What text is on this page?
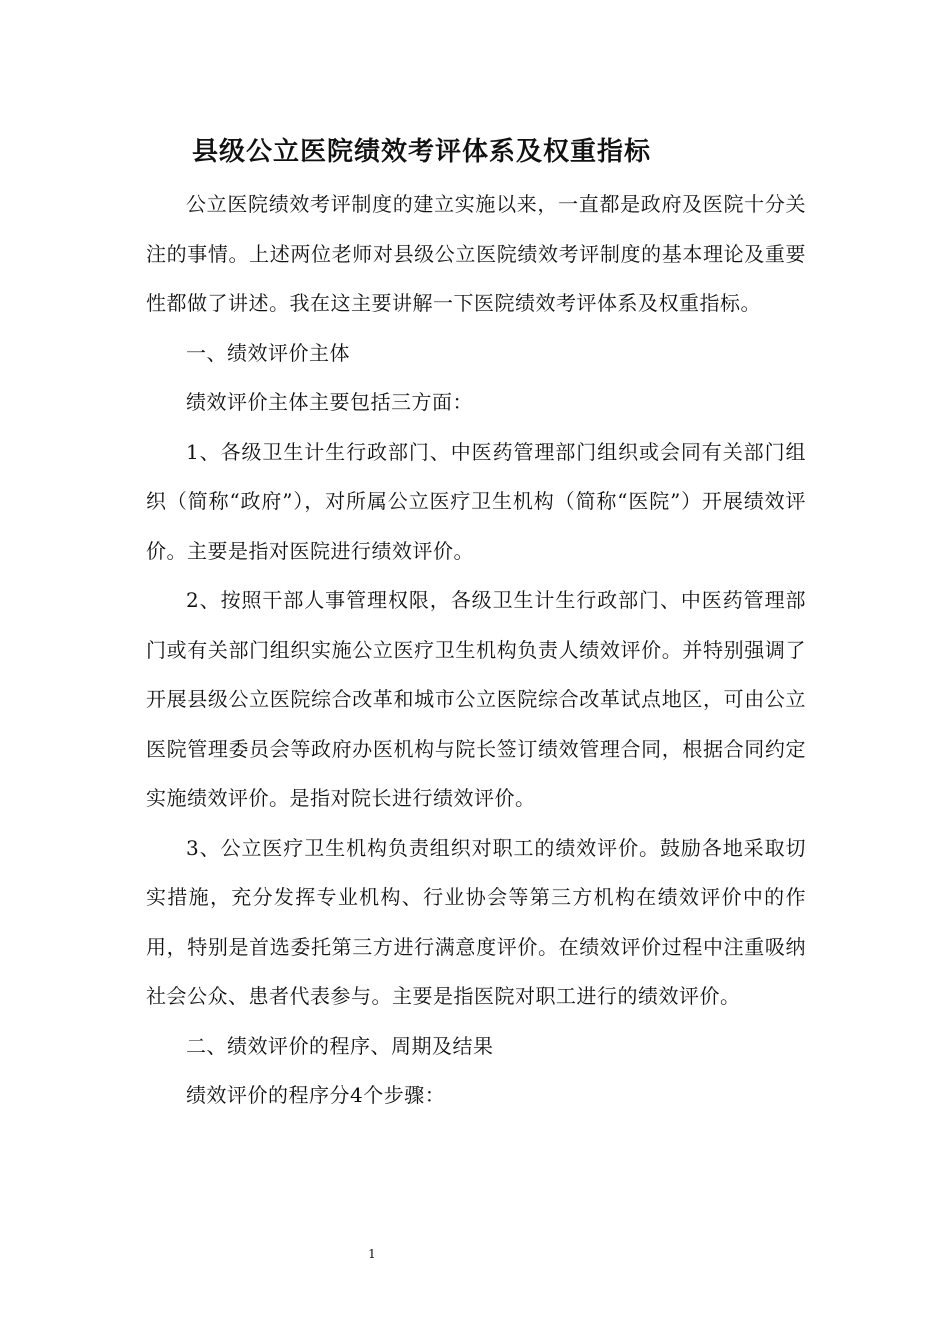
县级公立医院绩效考评体系及权重指标

公立医院绩效考评制度的建立实施以来，一直都是政府及医院十分关注的事情。上述两位老师对县级公立医院绩效考评制度的基本理论及重要性都做了讲述。我在这主要讲解一下医院绩效考评体系及权重指标。

一、绩效评价主体

绩效评价主体主要包括三方面：

1、各级卫生计生行政部门、中医药管理部门组织或会同有关部门组织（简称“政府”），对所属公立医疗卫生机构（简称“医院”）开展绩效评价。主要是指对医院进行绩效评价。

2、按照干部人事管理权限，各级卫生计生行政部门、中医药管理部门或有关部门组织实施公立医疗卫生机构负责人绩效评价。并特别强调了开展县级公立医院综合改革和城市公立医院综合改革试点地区，可由公立医院管理委员会等政府办医机构与院长签订绩效管理合同，根据合同约定实施绩效评价。是指对院长进行绩效评价。

3、公立医疗卫生机构负责组织对职工的绩效评价。鼓励各地采取切实措施，充分发挥专业机构、行业协会等第三方机构在绩效评价中的作用，特别是首选委托第三方进行满意度评价。在绩效评价过程中注重吸纳社会公众、患者代表参与。主要是指医院对职工进行的绩效评价。

二、绩效评价的程序、周期及结果

绩效评价的程序分4个步骤：

1
